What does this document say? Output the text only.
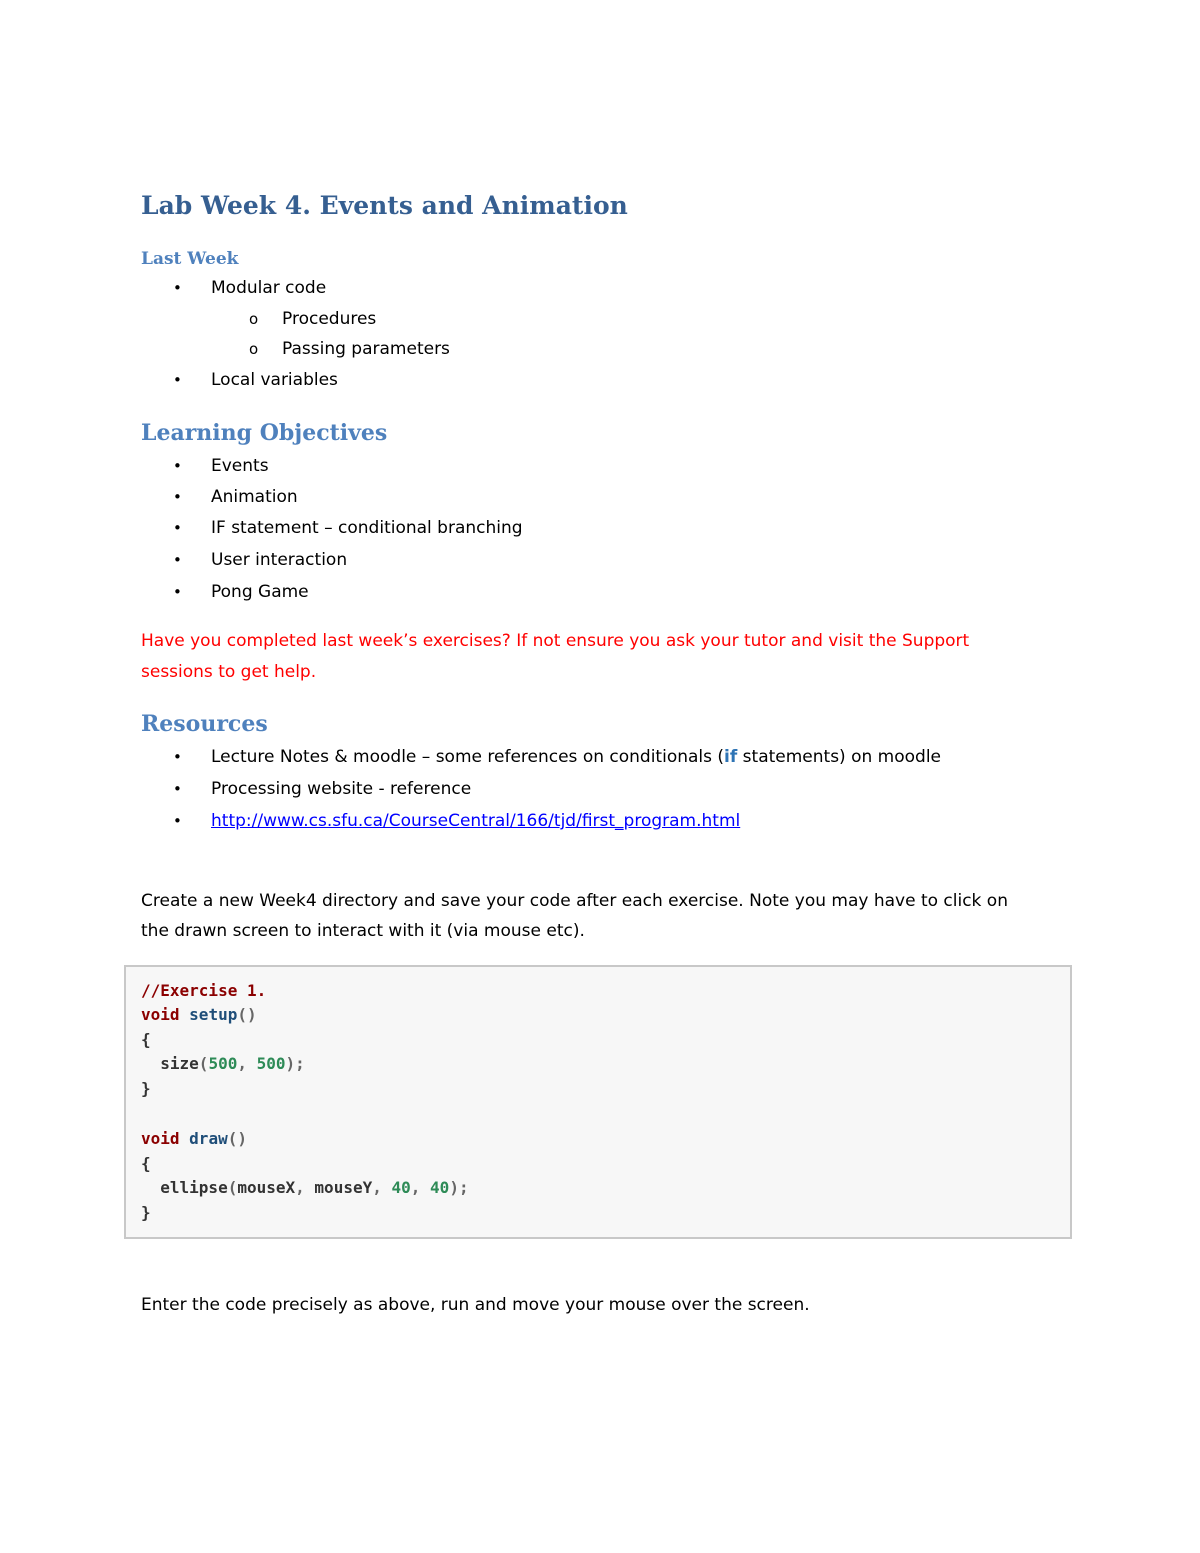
Lab Week 4. Events and Animation
Last Week
• Modular code

o Procedures

o Passing parameters

• Local variables

Learning Objectives
• Events

• Animation

• IF statement – conditional branching

• User interaction

• Pong Game

Have you completed last week’s exercises? If not ensure you ask your tutor and visit the Support

sessions to get help.

Resources
• Lecture Notes & moodle – some references on conditionals (if statements) on moodle

• Processing website - reference

• http://www.cs.sfu.ca/CourseCentral/166/tjd/first_program.html

Create a new Week4 directory and save your code after each exercise. Note you may have to click on

the drawn screen to interact with it (via mouse etc).

//Exercise 1.

void setup()

{

size(500, 500);

}

void draw()

{

ellipse(mouseX, mouseY, 40, 40);

}

Enter the code precisely as above, run and move your mouse over the screen.
